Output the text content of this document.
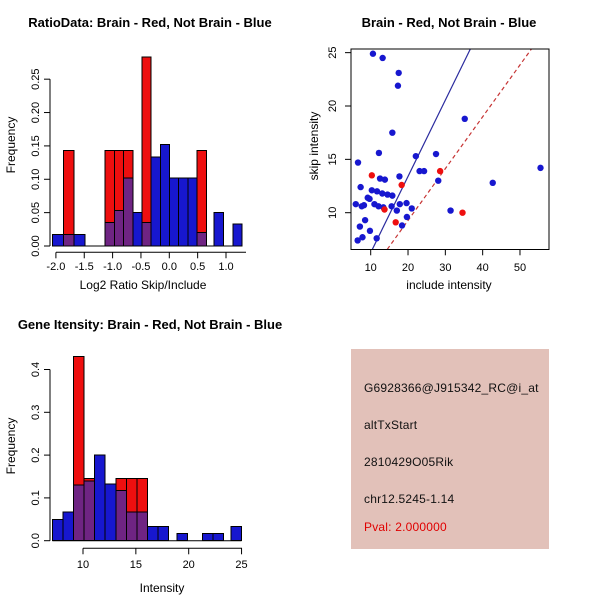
-2.0 -1.5 -1.0 -0.5 0.0 0.5 1.0
0.00
0.05
0.10
0.15
0.20
0.25
Log2 Ratio Skip/Include
Frequency
RatioData: Brain - Red, Not Brain - Blue
10 20 30 40 50
10
15
20
25
include intensity
skip intensity
Brain - Red, Not Brain - Blue
10	15	20	25
0.0
0.1
0.2
0.3
0.4
Intensity
Frequency
Gene Itensity: Brain - Red, Not Brain - Blue
G6928366@J915342_RC@i_at
altTxStart
2810429O05Rik
chr12.5245-1.14
Pval: 2.000000
